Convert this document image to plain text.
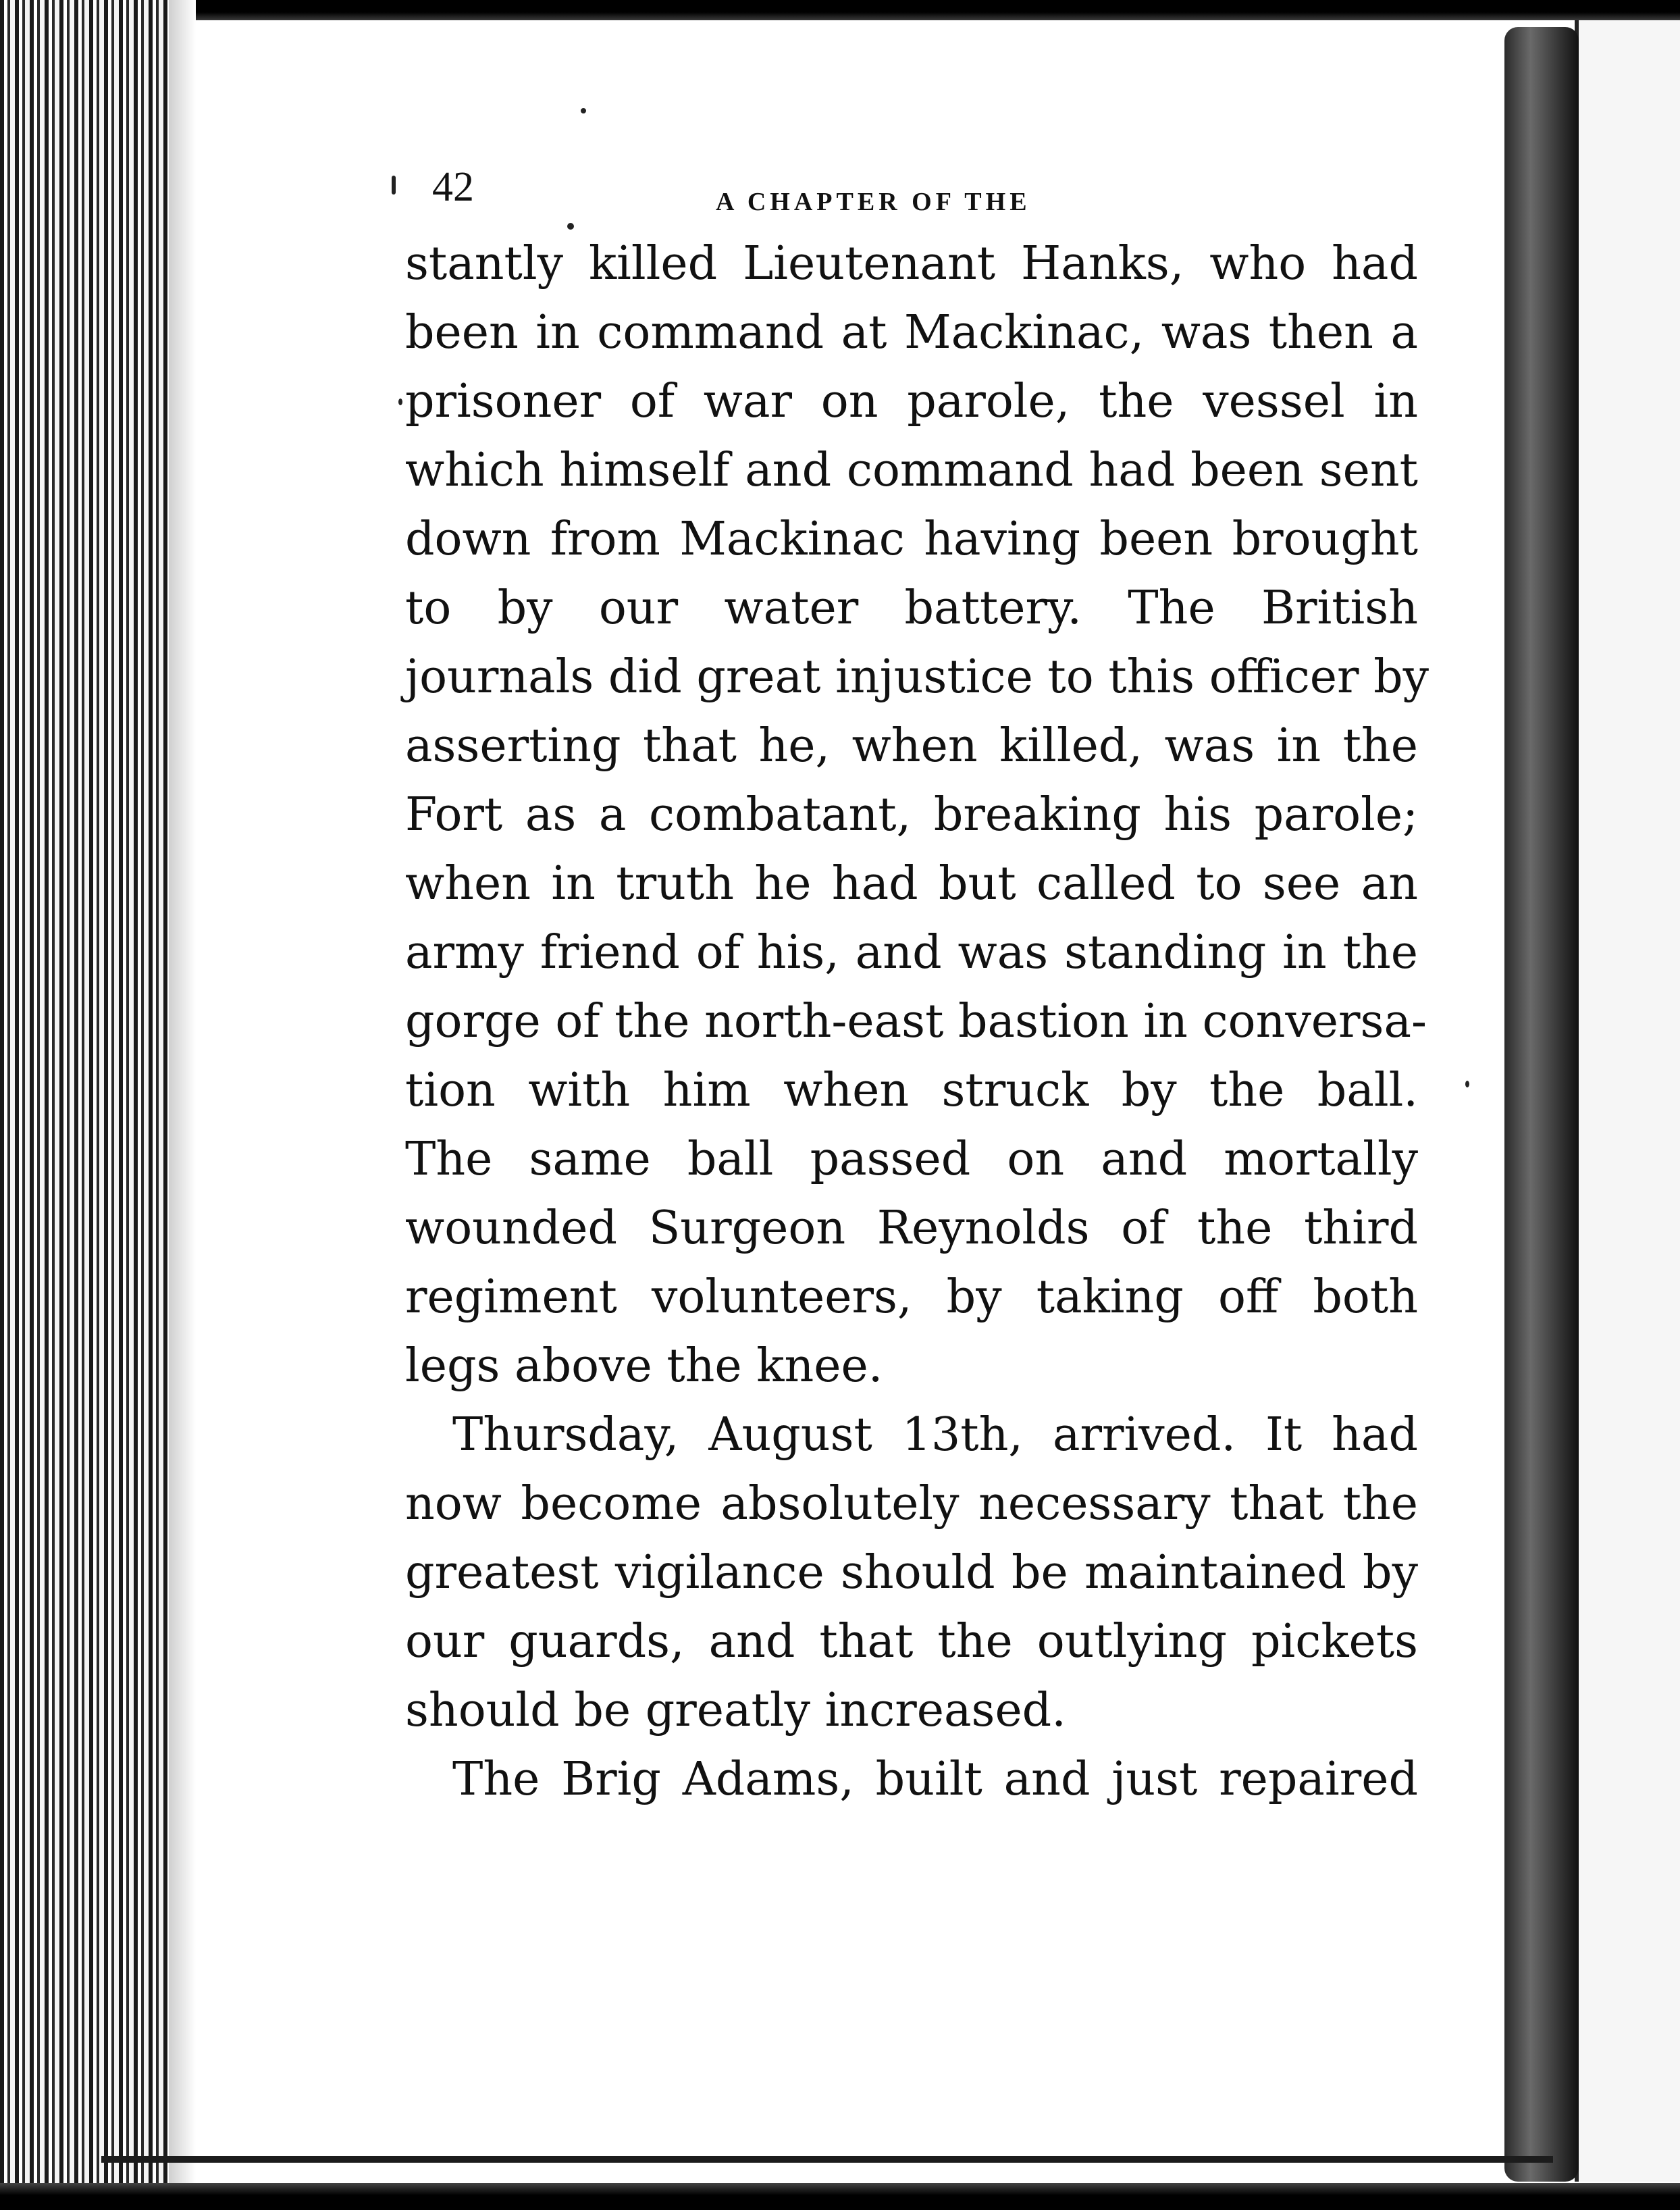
42	A CHAPTER OF THE
stantly killed Lieutenant Hanks, who had
been in command at Mackinac, was then a
prisoner of war on parole, the vessel in
which himself and command had been sent
down from Mackinac having been brought
to by our water battery. The British
journals did great injustice to this officer by
asserting that he, when killed, was in the
Fort as a combatant, breaking his parole;
when in truth he had but called to see an
army friend of his, and was standing in the
gorge of the north-east bastion in conversa-
tion with him when struck by the ball.
The same ball passed on and mortally
wounded Surgeon Reynolds of the third
regiment volunteers, by taking off both
legs above the knee.
Thursday, August 13th, arrived. It had
now become absolutely necessary that the
greatest vigilance should be maintained by
our guards, and that the outlying pickets
should be greatly increased.
The Brig Adams, built and just repaired
